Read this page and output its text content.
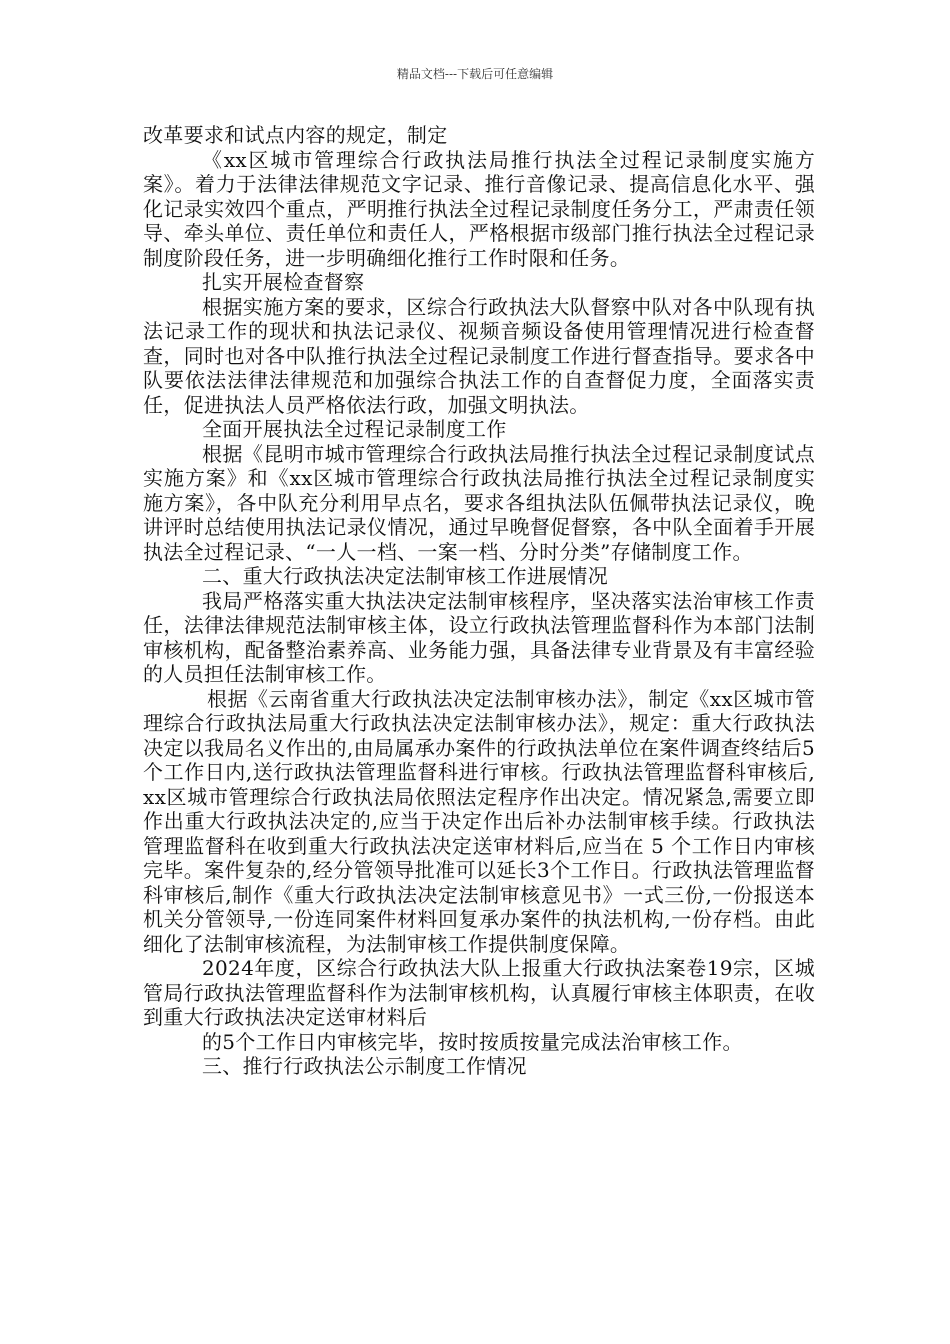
精品文档---下载后可任意编辑

改革要求和试点内容的规定，制定

《xx区城市管理综合行政执法局推行执法全过程记录制度实施方案》。着力于法律法律规范文字记录、推行音像记录、提高信息化水平、强化记录实效四个重点，严明推行执法全过程记录制度任务分工，严肃责任领导、牵头单位、责任单位和责任人，严格根据市级部门推行执法全过程记录制度阶段任务，进一步明确细化推行工作时限和任务。

扎实开展检查督察

根据实施方案的要求，区综合行政执法大队督察中队对各中队现有执法记录工作的现状和执法记录仪、视频音频设备使用管理情况进行检查督查，同时也对各中队推行执法全过程记录制度工作进行督查指导。要求各中队要依法法律法律规范和加强综合执法工作的自查督促力度，全面落实责任，促进执法人员严格依法行政，加强文明执法。

全面开展执法全过程记录制度工作

根据《昆明市城市管理综合行政执法局推行执法全过程记录制度试点实施方案》和《xx区城市管理综合行政执法局推行执法全过程记录制度实施方案》，各中队充分利用早点名，要求各组执法队伍佩带执法记录仪，晚讲评时总结使用执法记录仪情况，通过早晚督促督察，各中队全面着手开展执法全过程记录、“一人一档、一案一档、分时分类”存储制度工作。

二、重大行政执法决定法制审核工作进展情况

我局严格落实重大执法决定法制审核程序，坚决落实法治审核工作责任，法律法律规范法制审核主体，设立行政执法管理监督科作为本部门法制审核机构，配备整治素养高、业务能力强，具备法律专业背景及有丰富经验的人员担任法制审核工作。

根据《云南省重大行政执法决定法制审核办法》，制定《xx区城市管理综合行政执法局重大行政执法决定法制审核办法》，规定：重大行政执法决定以我局名义作出的,由局属承办案件的行政执法单位在案件调查终结后5个工作日内,送行政执法管理监督科进行审核。行政执法管理监督科审核后,xx区城市管理综合行政执法局依照法定程序作出决定。情况紧急,需要立即作出重大行政执法决定的,应当于决定作出后补办法制审核手续。行政执法管理监督科在收到重大行政执法决定送审材料后,应当在 5 个工作日内审核完毕。案件复杂的,经分管领导批准可以延长3个工作日。行政执法管理监督科审核后,制作《重大行政执法决定法制审核意见书》一式三份,一份报送本机关分管领导,一份连同案件材料回复承办案件的执法机构,一份存档。由此细化了法制审核流程，为法制审核工作提供制度保障。

2024年度，区综合行政执法大队上报重大行政执法案卷19宗，区城管局行政执法管理监督科作为法制审核机构，认真履行审核主体职责，在收到重大行政执法决定送审材料后

的5个工作日内审核完毕，按时按质按量完成法治审核工作。

三、推行行政执法公示制度工作情况
